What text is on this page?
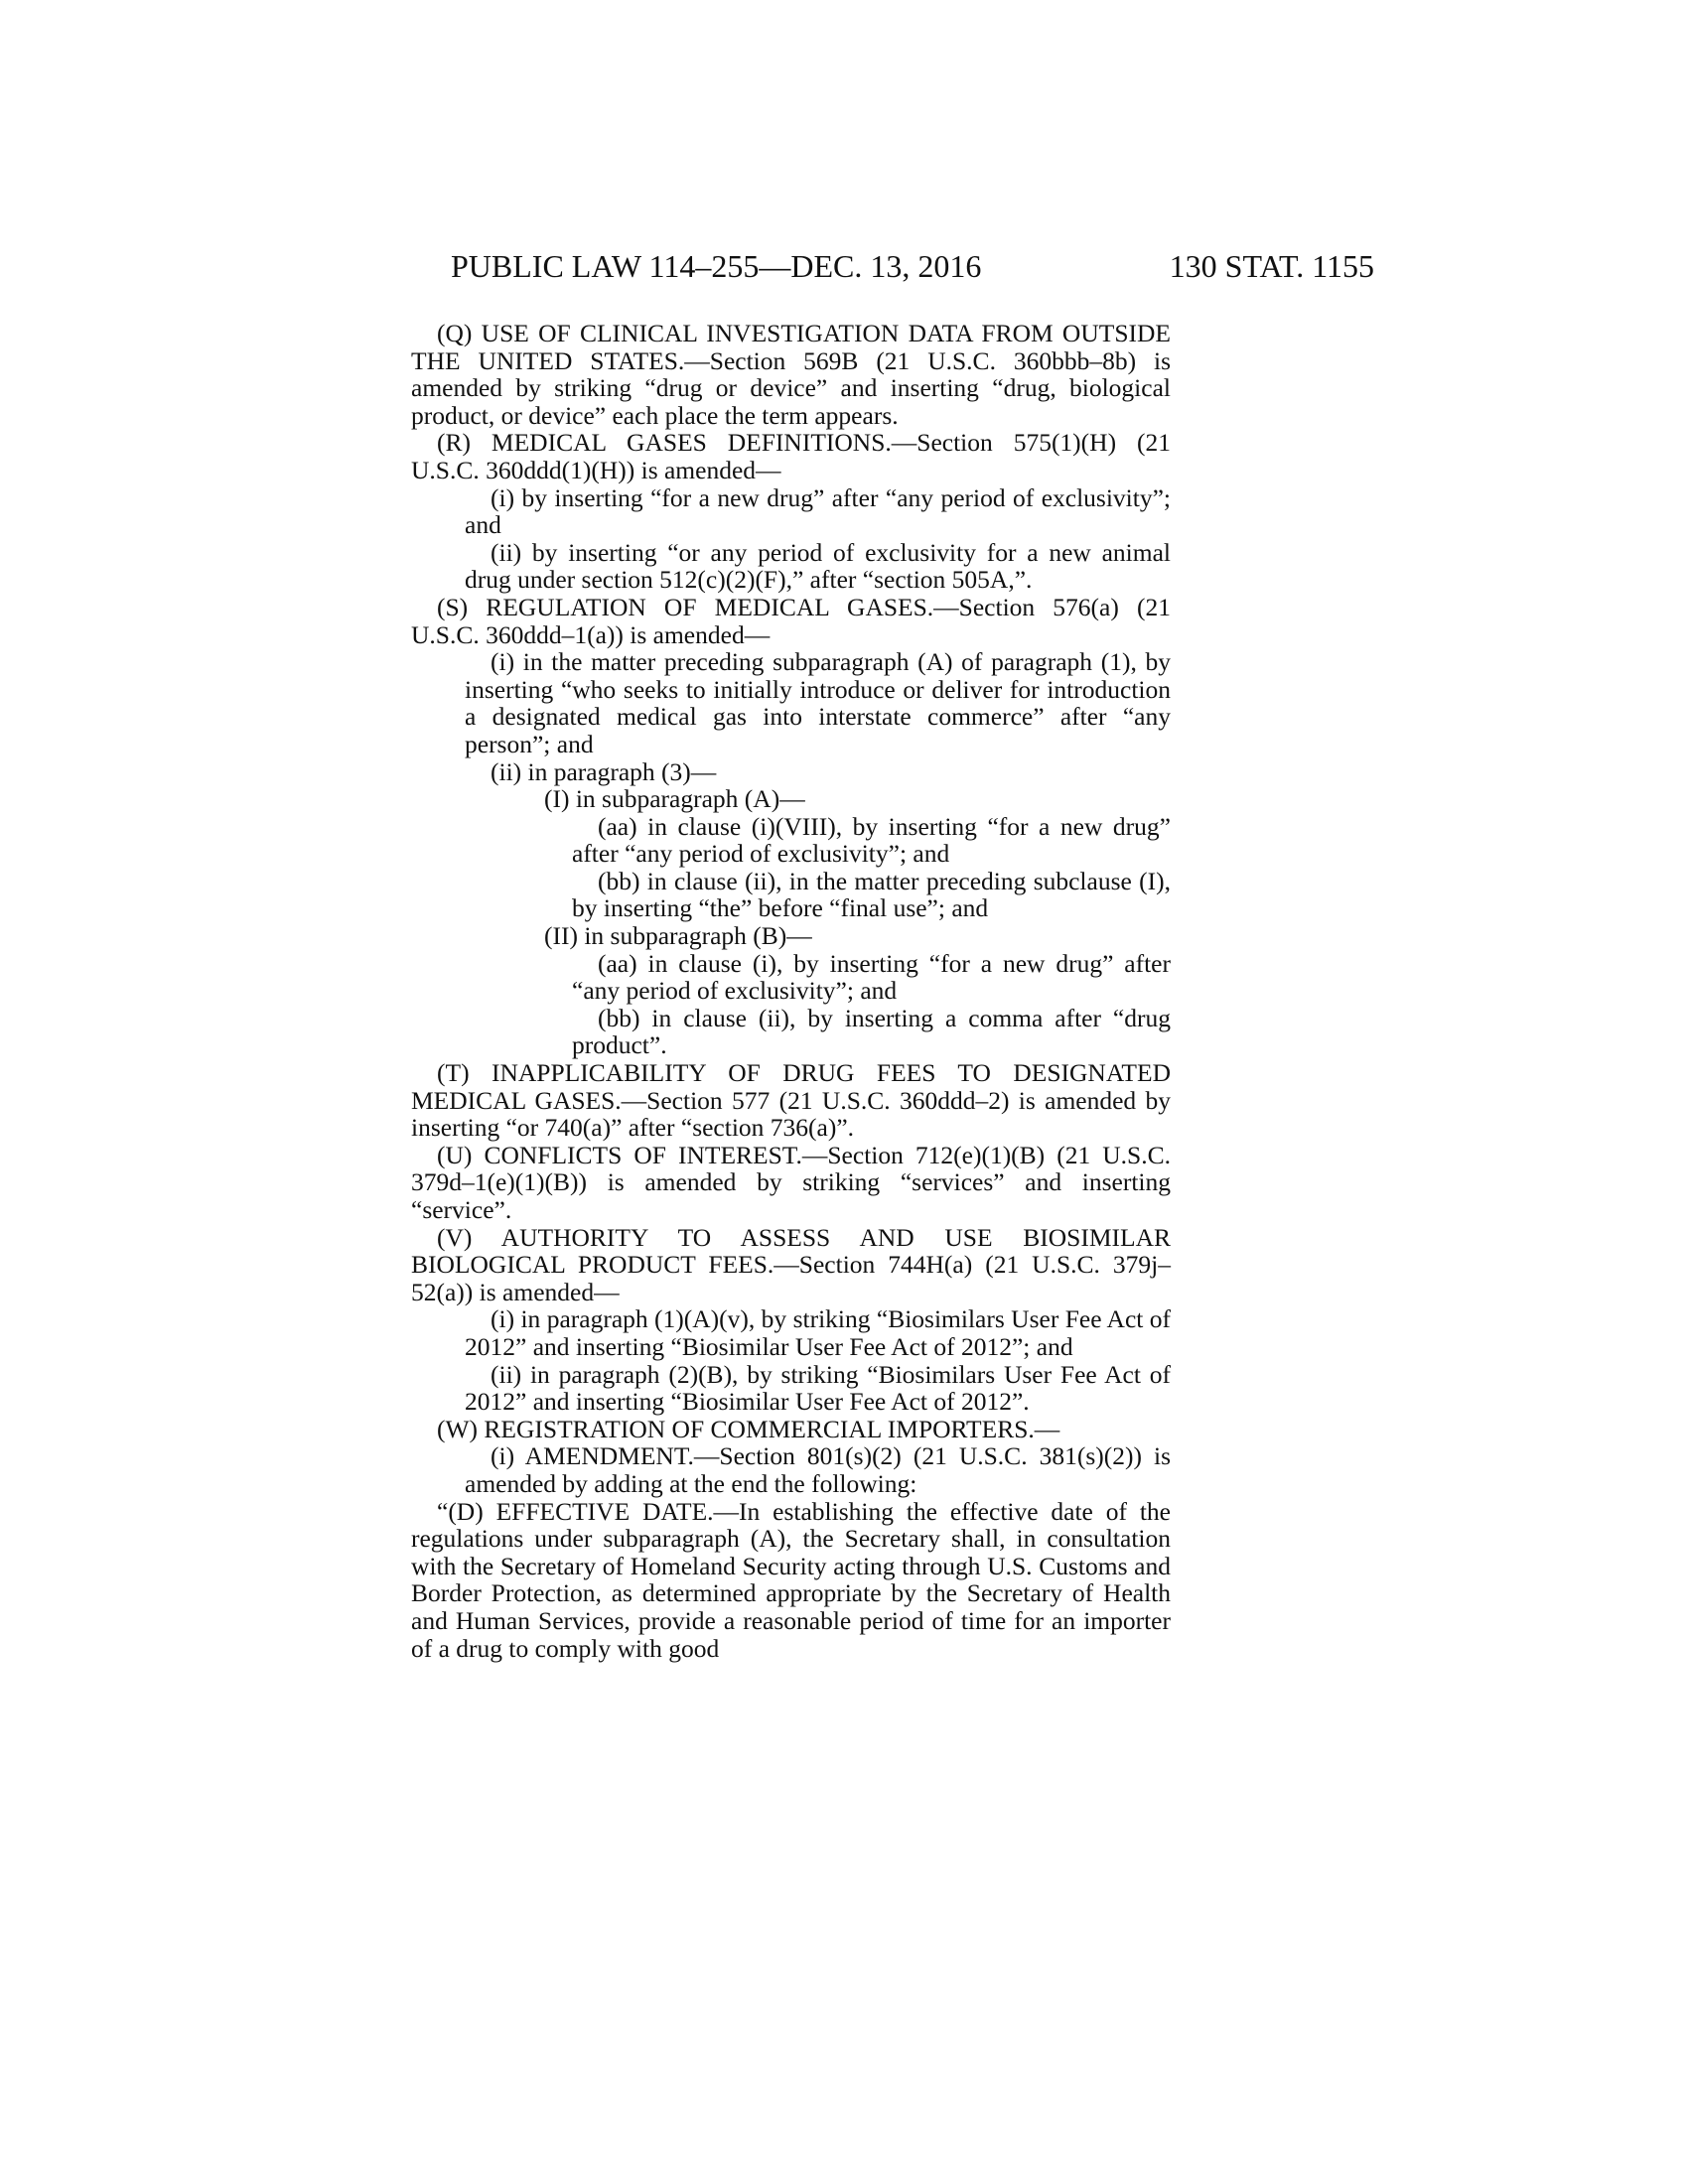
PUBLIC LAW 114–255—DEC. 13, 2016	130 STAT. 1155

(Q) USE OF CLINICAL INVESTIGATION DATA FROM OUTSIDE THE UNITED STATES.—Section 569B (21 U.S.C. 360bbb–8b) is amended by striking “drug or device” and inserting “drug, biological product, or device” each place the term appears.

(R) MEDICAL GASES DEFINITIONS.—Section 575(1)(H) (21 U.S.C. 360ddd(1)(H)) is amended—

(i) by inserting “for a new drug” after “any period of exclusivity”; and

(ii) by inserting “or any period of exclusivity for a new animal drug under section 512(c)(2)(F),” after “section 505A,”.

(S) REGULATION OF MEDICAL GASES.—Section 576(a) (21 U.S.C. 360ddd–1(a)) is amended—

(i) in the matter preceding subparagraph (A) of paragraph (1), by inserting “who seeks to initially introduce or deliver for introduction a designated medical gas into interstate commerce” after “any person”; and

(ii) in paragraph (3)—

(I) in subparagraph (A)—

(aa) in clause (i)(VIII), by inserting “for a new drug” after “any period of exclusivity”; and

(bb) in clause (ii), in the matter preceding subclause (I), by inserting “the” before “final use”; and

(II) in subparagraph (B)—

(aa) in clause (i), by inserting “for a new drug” after “any period of exclusivity”; and

(bb) in clause (ii), by inserting a comma after “drug product”.

(T) INAPPLICABILITY OF DRUG FEES TO DESIGNATED MEDICAL GASES.—Section 577 (21 U.S.C. 360ddd–2) is amended by inserting “or 740(a)” after “section 736(a)”.

(U) CONFLICTS OF INTEREST.—Section 712(e)(1)(B) (21 U.S.C. 379d–1(e)(1)(B)) is amended by striking “services” and inserting “service”.

(V) AUTHORITY TO ASSESS AND USE BIOSIMILAR BIOLOGICAL PRODUCT FEES.—Section 744H(a) (21 U.S.C. 379j–52(a)) is amended—

(i) in paragraph (1)(A)(v), by striking “Biosimilars User Fee Act of 2012” and inserting “Biosimilar User Fee Act of 2012”; and

(ii) in paragraph (2)(B), by striking “Biosimilars User Fee Act of 2012” and inserting “Biosimilar User Fee Act of 2012”.

(W) REGISTRATION OF COMMERCIAL IMPORTERS.—

(i) AMENDMENT.—Section 801(s)(2) (21 U.S.C. 381(s)(2)) is amended by adding at the end the following:

“(D) EFFECTIVE DATE.—In establishing the effective date of the regulations under subparagraph (A), the Secretary shall, in consultation with the Secretary of Homeland Security acting through U.S. Customs and Border Protection, as determined appropriate by the Secretary of Health and Human Services, provide a reasonable period of time for an importer of a drug to comply with good
